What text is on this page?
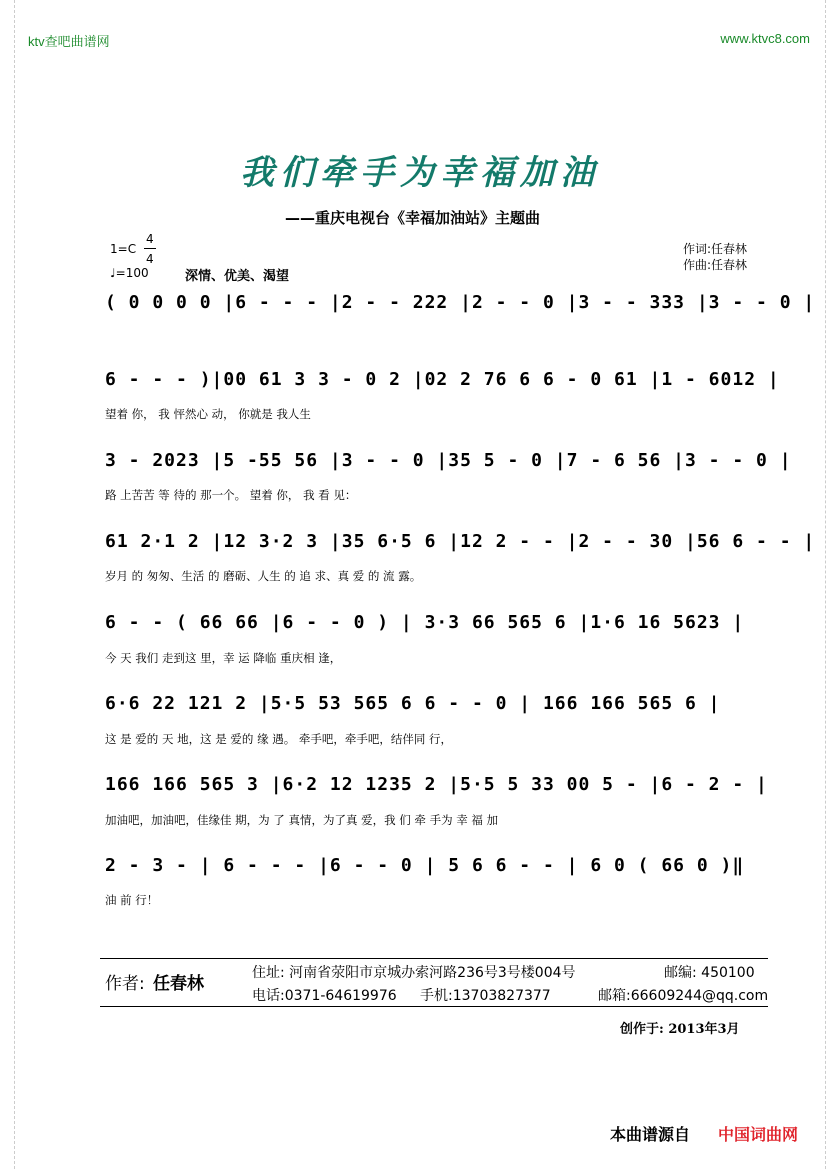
ktv查吧曲谱网	www.ktvc8.com
我们牵手为幸福加油
——重庆电视台《幸福加油站》主题曲
1=C
4
4
♩=100	深情、优美、渴望
作词:任春林
作曲:任春林
( 0 0 0 0 |6 - - - |2 - - 222 |2 - - 0 |3 - - 333 |3 - - 0 |
6 - - - )|00 61 3 3 - 0 2 |02 2 76 6 6 - 0 61 |1 - 6012 |
望着 你， 我 怦然心 动， 你就是 我人生
3 - 2023 |5 -55 56 |3 - - 0 |35 5 - 0 |7 - 6 56 |3 - - 0 |
路 上苦苦 等 待的 那一个。 望着 你， 我 看 见：
61 2·1 2 |12 3·2 3 |35 6·5 6 |12 2 - - |2 - - 30 |56 6 - - |
岁月 的 匆匆、生活 的 磨砺、人生 的 追 求、真 爱 的 流 露。
6 - - ( 66 66 |6 - - 0 ) | 3·3 66 565 6 |1·6 16 5623 |
今 天 我们 走到这 里，幸 运 降临 重庆相 逢，
6·6 22 121 2 |5·5 53 565 6 6 - - 0 | 166 166 565 6 |
这 是 爱的 天 地，这 是 爱的 缘 遇。 牵手吧，牵手吧，结伴同 行，
166 166 565 3 |6·2 12 1235 2 |5·5 5 33 00 5 - |6 - 2 - |
加油吧，加油吧，佳缘佳 期，为 了 真情，为了真 爱，我 们 牵 手为 幸 福 加
2 - 3 - | 6 - - - |6 - - 0 | 5 6 6 - - | 6 0 ( 66 0 )‖
油 前 行！
作者: 任春林
住址: 河南省荥阳市京城办索河路236号3号楼004号	邮编: 450100
电话:0371-64619976 手机:13703827377	邮箱:66609244@qq.com
创作于: 2013年3月
本曲谱源自 中国词曲网
